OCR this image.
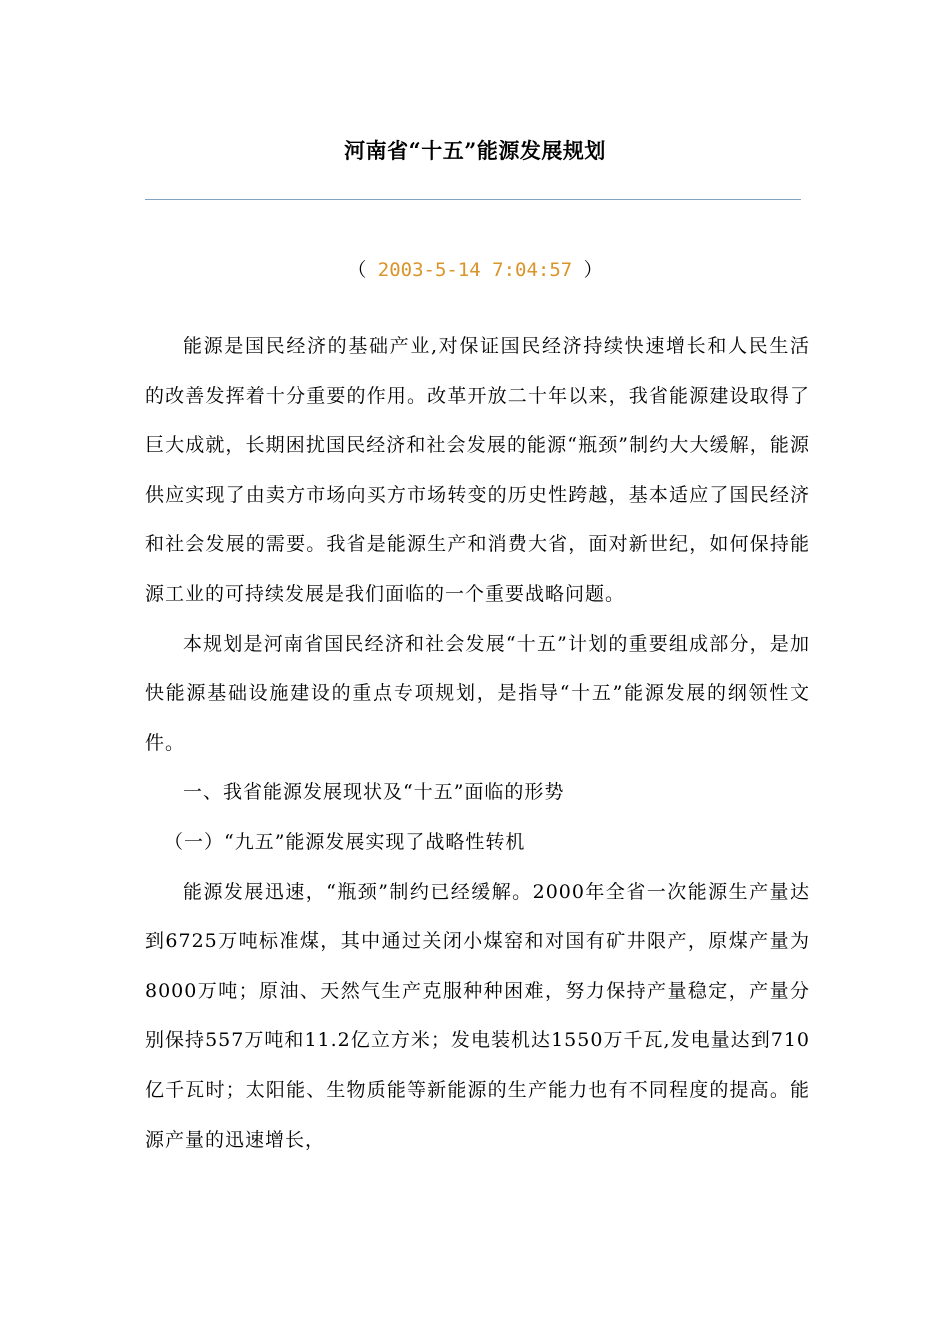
河南省“十五”能源发展规划
（ 2003-5-14 7:04:57 ）

能源是国民经济的基础产业,对保证国民经济持续快速增长和人民生活的改善发挥着十分重要的作用。改革开放二十年以来，我省能源建设取得了巨大成就，长期困扰国民经济和社会发展的能源“瓶颈”制约大大缓解，能源供应实现了由卖方市场向买方市场转变的历史性跨越，基本适应了国民经济和社会发展的需要。我省是能源生产和消费大省，面对新世纪，如何保持能源工业的可持续发展是我们面临的一个重要战略问题。

本规划是河南省国民经济和社会发展“十五”计划的重要组成部分，是加快能源基础设施建设的重点专项规划，是指导“十五”能源发展的纲领性文件。

一、我省能源发展现状及“十五”面临的形势

（一）“九五”能源发展实现了战略性转机

能源发展迅速，“瓶颈”制约已经缓解。2000年全省一次能源生产量达到6725万吨标准煤，其中通过关闭小煤窑和对国有矿井限产，原煤产量为8000万吨；原油、天然气生产克服种种困难，努力保持产量稳定，产量分别保持557万吨和11.2亿立方米；发电装机达1550万千瓦,发电量达到710亿千瓦时；太阳能、生物质能等新能源的生产能力也有不同程度的提高。能源产量的迅速增长，
